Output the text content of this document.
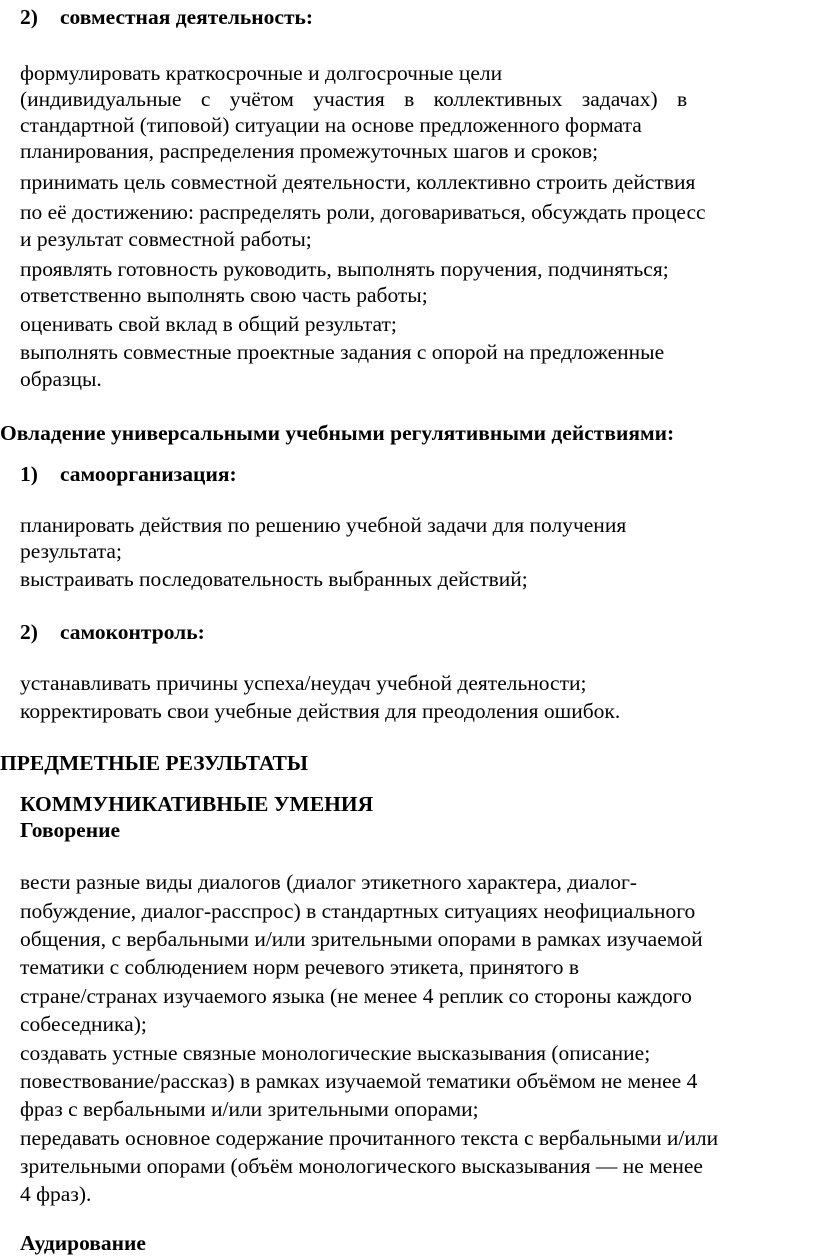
2) совместная деятельность:
формулировать краткосрочные и долгосрочные цели
(индивидуальные с учётом участия в коллективных задачах) в
стандартной (типовой) ситуации на основе предложенного формата
планирования, распределения промежуточных шагов и сроков;
принимать цель совместной деятельности, коллективно строить действия
по её достижению: распределять роли, договариваться, обсуждать процесс
и результат совместной работы;
проявлять готовность руководить, выполнять поручения, подчиняться;
ответственно выполнять свою часть работы;
оценивать свой вклад в общий результат;
выполнять совместные проектные задания с опорой на предложенные
образцы.
Овладение универсальными учебными регулятивными действиями:
1) самоорганизация:
планировать действия по решению учебной задачи для получения
результата;
выстраивать последовательность выбранных действий;
2) самоконтроль:
устанавливать причины успеха/неудач учебной деятельности;
корректировать свои учебные действия для преодоления ошибок.
ПРЕДМЕТНЫЕ РЕЗУЛЬТАТЫ
КОММУНИКАТИВНЫЕ УМЕНИЯ
Говорение
вести разные виды диалогов (диалог этикетного характера, диалог-
побуждение, диалог-расспрос) в стандартных ситуациях неофициального
общения, с вербальными и/или зрительными опорами в рамках изучаемой
тематики с соблюдением норм речевого этикета, принятого в
стране/странах изучаемого языка (не менее 4 реплик со стороны каждого
собеседника);
создавать устные связные монологические высказывания (описание;
повествование/рассказ) в рамках изучаемой тематики объёмом не менее 4
фраз с вербальными и/или зрительными опорами;
передавать основное содержание прочитанного текста с вербальными и/или
зрительными опорами (объём монологического высказывания — не менее
4 фраз).
Аудирование
